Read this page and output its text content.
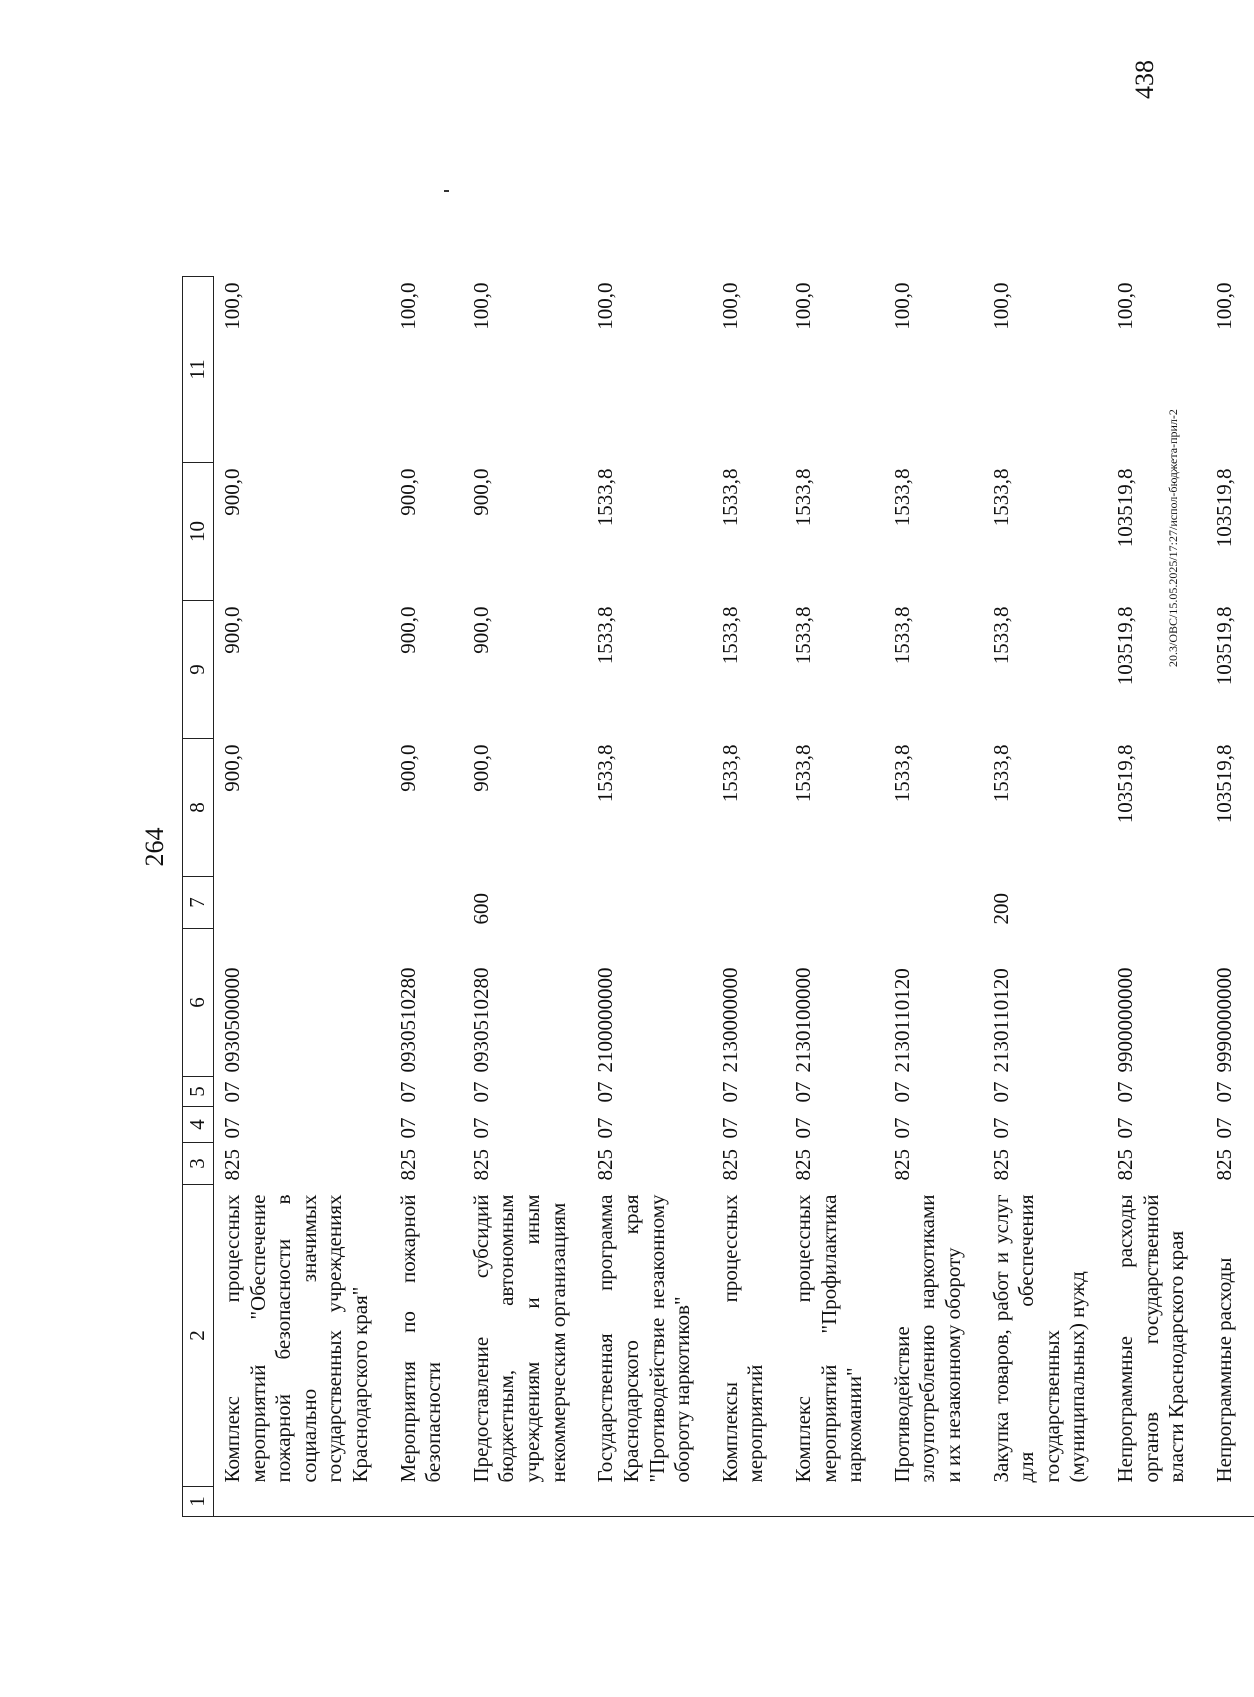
264
1	2	3	4	5	6	7	8	9	10	11
	Комплекс процессных мероприятий "Обеспечение пожарной безопасности в социально значимых государственных учреждениях Краснодарского края"	825	07	07	0930500000		900,0	900,0	900,0	100,0
	Мероприятия по пожарной безопасности	825	07	07	0930510280		900,0	900,0	900,0	100,0
	Предоставление субсидий бюджетным, автономным учреждениям и иным некоммерческим организациям	825	07	07	0930510280	600	900,0	900,0	900,0	100,0
	Государственная программа Краснодарского края "Противодействие незаконному обороту наркотиков"	825	07	07	2100000000		1533,8	1533,8	1533,8	100,0
	Комплексы процессных мероприятий	825	07	07	2130000000		1533,8	1533,8	1533,8	100,0
	Комплекс процессных мероприятий "Профилактика наркомании"	825	07	07	2130100000		1533,8	1533,8	1533,8	100,0
	Противодействие злоупотреблению наркотиками и их незаконному обороту	825	07	07	2130110120		1533,8	1533,8	1533,8	100,0
	Закупка товаров, работ и услуг для обеспечения государственных (муниципальных) нужд	825	07	07	2130110120	200	1533,8	1533,8	1533,8	100,0
	Непрограммные расходы органов государственной власти Краснодарского края	825	07	07	9900000000		103519,8	103519,8	103519,8	100,0
	Непрограммные расходы	825	07	07	9990000000		103519,8	103519,8	103519,8	100,0
20.3/OBC/15.05.2025/17:27/испол-бюджета-прил-2
438
